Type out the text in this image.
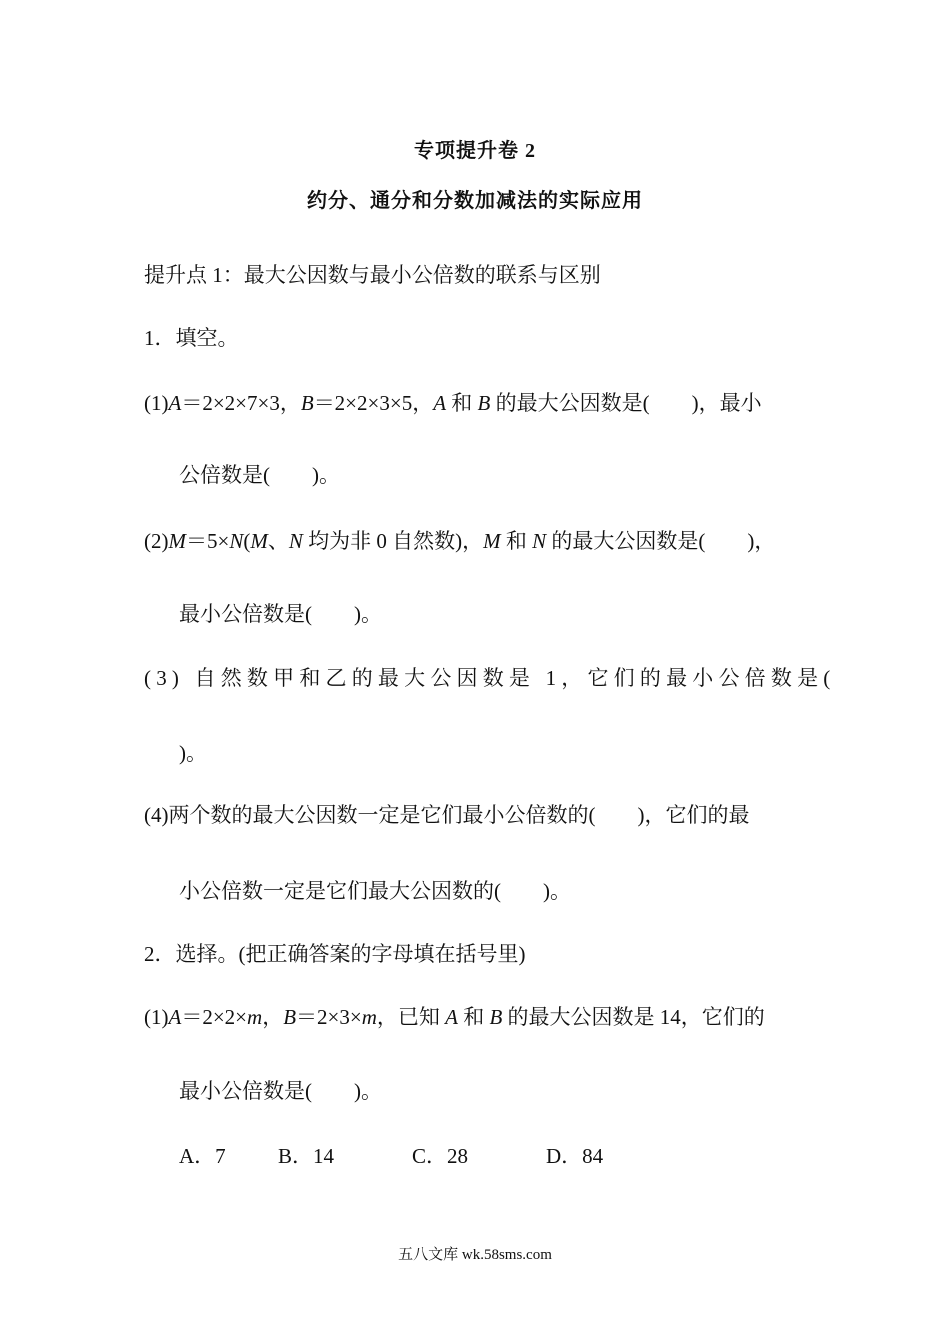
专项提升卷 2
约分、通分和分数加减法的实际应用
提升点 1：最大公因数与最小公倍数的联系与区别
1．填空。
(1)A＝2×2×7×3，B＝2×2×3×5，A 和 B 的最大公因数是(　　)，最小
公倍数是(　　)。
(2)M＝5×N(M、N 均为非 0 自然数)，M 和 N 的最大公因数是(　　)，
最小公倍数是(　　)。
(3) 自然数甲和乙的最大公因数是 1，它们的最小公倍数是(
)。
(4)两个数的最大公因数一定是它们最小公倍数的(　　)，它们的最
小公倍数一定是它们最大公因数的(　　)。
2．选择。(把正确答案的字母填在括号里)
(1)A＝2×2×m，B＝2×3×m，已知 A 和 B 的最大公因数是 14，它们的
最小公倍数是(　　)。
A．7 B．14	C．28	D．84
五八文库 wk.58sms.com
